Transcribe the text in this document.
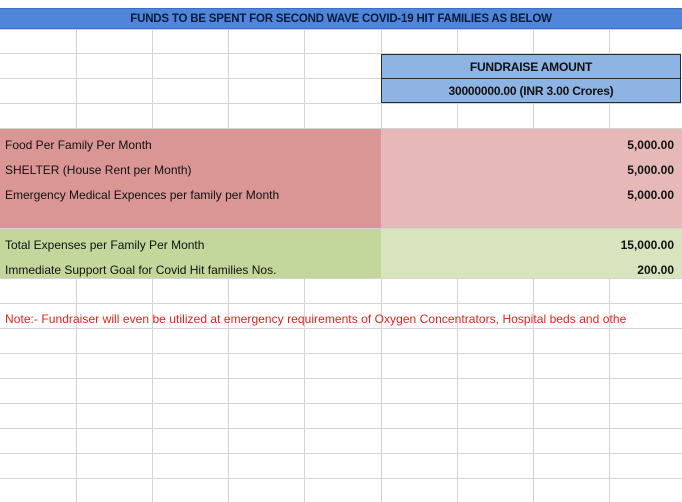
FUNDS TO BE SPENT FOR SECOND WAVE COVID-19 HIT FAMILIES AS BELOW
FUNDRAISE AMOUNT
30000000.00 (INR 3.00 Crores)
Food Per Family Per Month	5,000.00
SHELTER (House Rent per Month)	5,000.00
Emergency Medical Expences per family per Month	5,000.00
Total Expenses per Family Per Month	15,000.00
Immediate Support Goal for Covid Hit families Nos.	200.00
Note:- Fundraiser will even be utilized at emergency requirements of Oxygen Concentrators, Hospital beds and othe
